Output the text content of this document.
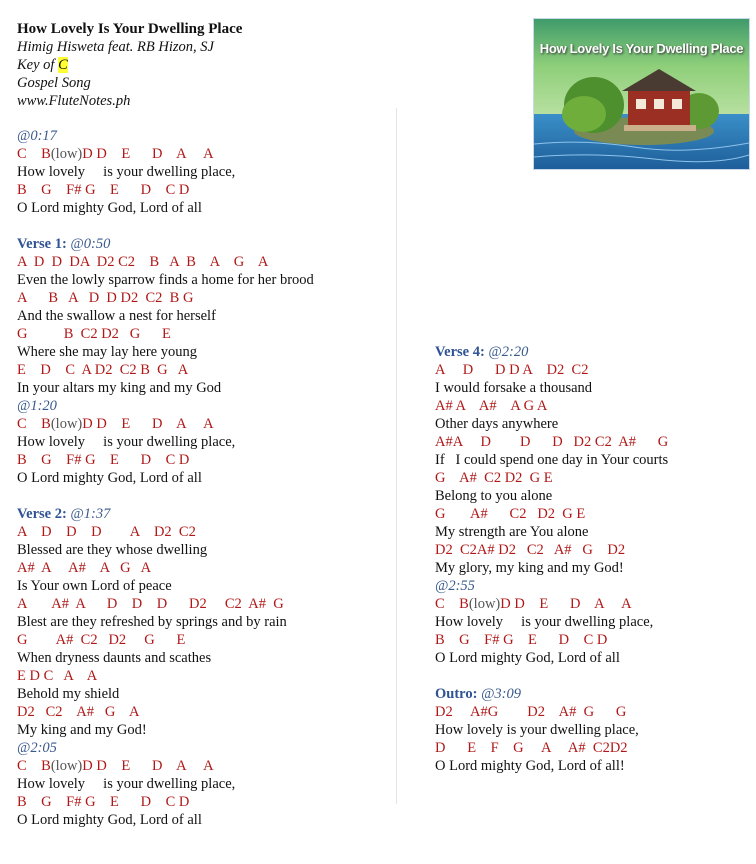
How Lovely Is Your Dwelling Place
Himig Hisweta feat. RB Hizon, SJ
Key of C
Gospel Song
www.FluteNotes.ph
How Lovely Is Your Dwelling Place
@0:17
C    B(low)D D    E      D    A     A
How lovely     is your dwelling place,
B    G    F# G    E      D    C D
O Lord mighty God, Lord of all
Verse 1: @0:50
A  D  D  DA  D2 C2    B   A  B    A    G    A
Even the lowly sparrow finds a home for her brood
A      B   A   D  D D2  C2  B G
And the swallow a nest for herself
G          B  C2 D2   G      E
Where she may lay here young
E    D    C  A D2  C2 B  G   A
In your altars my king and my God
@1:20
C    B(low)D D    E      D    A     A
How lovely     is your dwelling place,
B    G    F# G    E      D    C D
O Lord mighty God, Lord of all
Verse 2: @1:37
A    D    D    D        A    D2  C2
Blessed are they whose dwelling
A#  A     A#    A   G   A
Is Your own Lord of peace
A       A#  A      D    D    D      D2     C2  A#  G
Blest are they refreshed by springs and by rain
G        A#  C2   D2     G      E
When dryness daunts and scathes
E D C   A    A
Behold my shield
D2   C2    A#   G    A
My king and my God!
@2:05
C    B(low)D D    E      D    A     A
How lovely     is your dwelling place,
B    G    F# G    E      D    C D
O Lord mighty God, Lord of all
Verse 4: @2:20
A     D      D D A    D2  C2
I would forsake a thousand
A# A    A#    A G A
Other days anywhere
A#A     D        D      D   D2 C2  A#      G
If   I could spend one day in Your courts
G    A#  C2 D2  G E
Belong to you alone
G       A#      C2   D2  G E
My strength are You alone
D2  C2A# D2   C2   A#   G    D2
My glory, my king and my God!
@2:55
C    B(low)D D    E      D    A     A
How lovely     is your dwelling place,
B    G    F# G    E      D    C D
O Lord mighty God, Lord of all
Outro: @3:09
D2     A#G        D2    A#  G      G
How lovely is your dwelling place,
D      E    F    G     A     A#  C2D2
O Lord mighty God, Lord of all!
